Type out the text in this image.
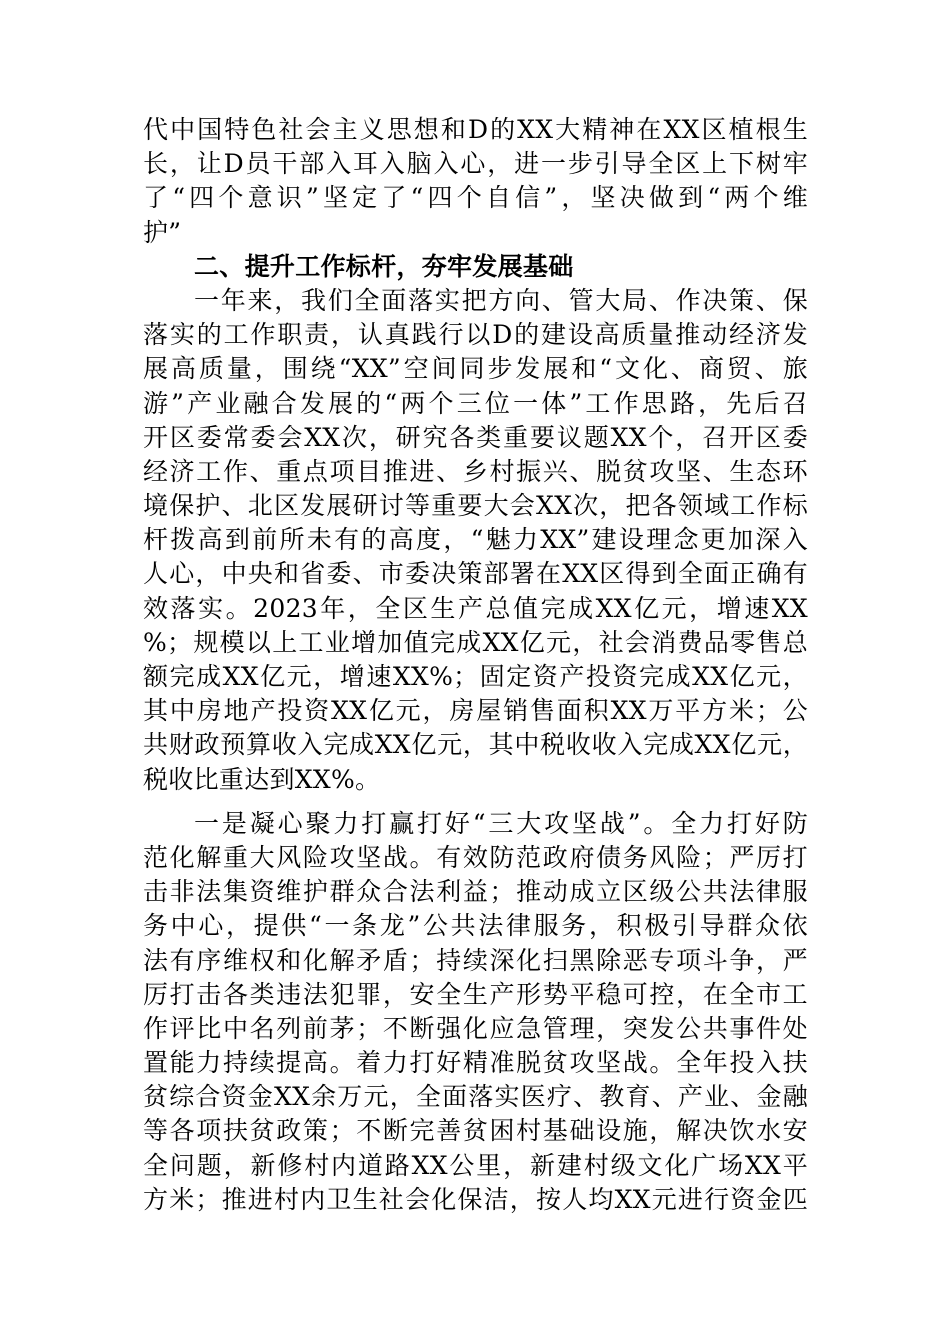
代中国特色社会主义思想和D的XX大精神在XX区植根生
长，让D员干部入耳入脑入心，进一步引导全区上下树牢
了“四个意识”坚定了“四个自信”，坚决做到“两个维
护”
二、提升工作标杆，夯牢发展基础
一年来，我们全面落实把方向、管大局、作决策、保
落实的工作职责，认真践行以D的建设高质量推动经济发
展高质量，围绕“XX”空间同步发展和“文化、商贸、旅
游”产业融合发展的“两个三位一体”工作思路，先后召
开区委常委会XX次，研究各类重要议题XX个，召开区委
经济工作、重点项目推进、乡村振兴、脱贫攻坚、生态环
境保护、北区发展研讨等重要大会XX次，把各领域工作标
杆拨高到前所未有的高度，“魅力XX”建设理念更加深入
人心，中央和省委、市委决策部署在XX区得到全面正确有
效落实。2023年，全区生产总值完成XX亿元，增速XX
%；规模以上工业增加值完成XX亿元，社会消费品零售总
额完成XX亿元，增速XX%；固定资产投资完成XX亿元，
其中房地产投资XX亿元，房屋销售面积XX万平方米；公
共财政预算收入完成XX亿元，其中税收收入完成XX亿元，
税收比重达到XX%。
一是凝心聚力打赢打好“三大攻坚战”。全力打好防
范化解重大风险攻坚战。有效防范政府债务风险；严厉打
击非法集资维护群众合法利益；推动成立区级公共法律服
务中心，提供“一条龙”公共法律服务，积极引导群众依
法有序维权和化解矛盾；持续深化扫黑除恶专项斗争，严
厉打击各类违法犯罪，安全生产形势平稳可控，在全市工
作评比中名列前茅；不断强化应急管理，突发公共事件处
置能力持续提高。着力打好精准脱贫攻坚战。全年投入扶
贫综合资金XX余万元，全面落实医疗、教育、产业、金融
等各项扶贫政策；不断完善贫困村基础设施，解决饮水安
全问题，新修村内道路XX公里，新建村级文化广场XX平
方米；推进村内卫生社会化保洁，按人均XX元进行资金匹
